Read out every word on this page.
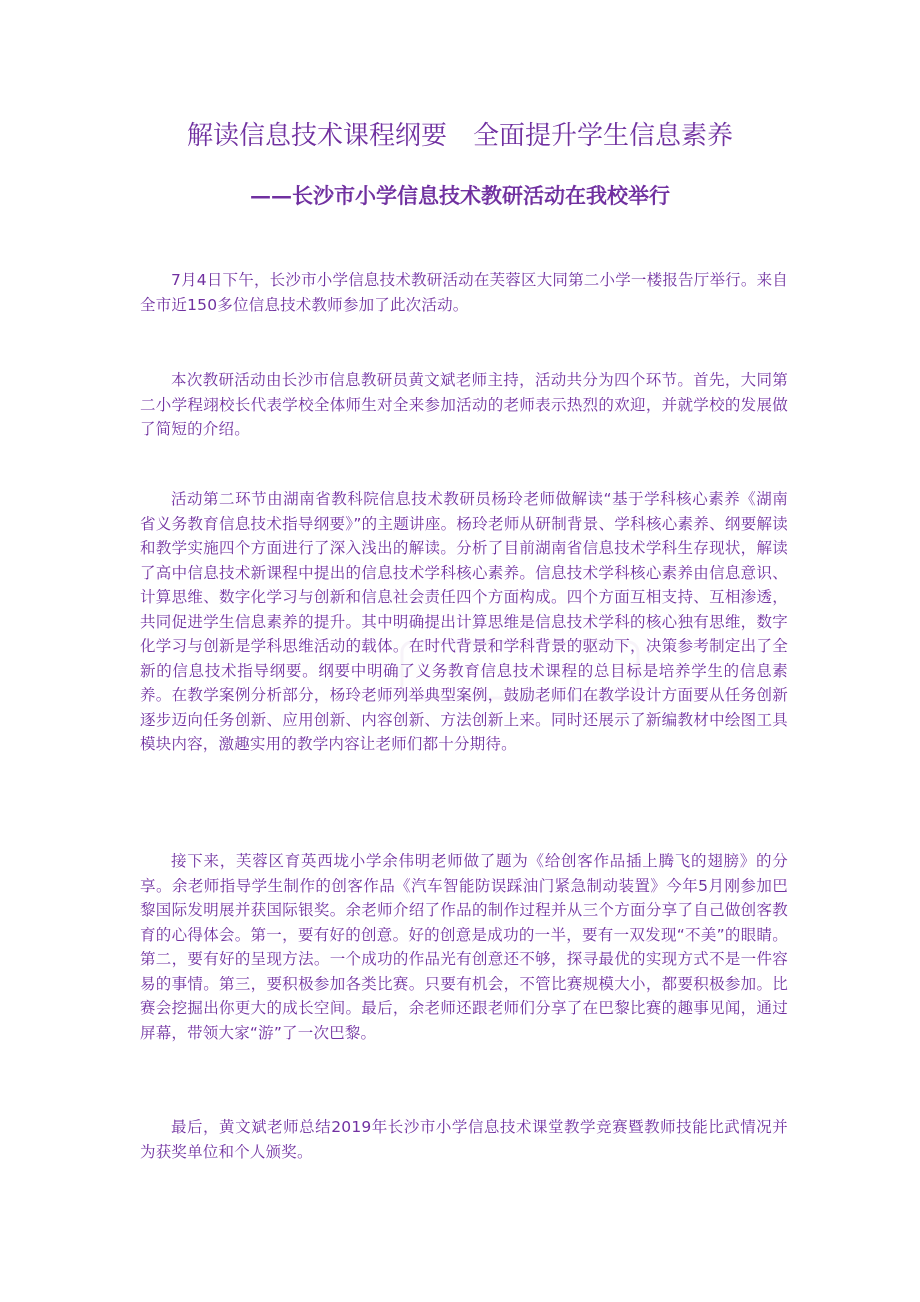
解读信息技术课程纲要　全面提升学生信息素养
——长沙市小学信息技术教研活动在我校举行

7月4日下午，长沙市小学信息技术教研活动在芙蓉区大同第二小学一楼报告厅举行。来自全市近150多位信息技术教师参加了此次活动。

本次教研活动由长沙市信息教研员黄文斌老师主持，活动共分为四个环节。首先，大同第二小学程翊校长代表学校全体师生对全来参加活动的老师表示热烈的欢迎，并就学校的发展做了简短的介绍。

活动第二环节由湖南省教科院信息技术教研员杨玲老师做解读“基于学科核心素养《湖南省义务教育信息技术指导纲要》”的主题讲座。杨玲老师从研制背景、学科核心素养、纲要解读和教学实施四个方面进行了深入浅出的解读。分析了目前湖南省信息技术学科生存现状，解读了高中信息技术新课程中提出的信息技术学科核心素养。信息技术学科核心素养由信息意识、计算思维、数字化学习与创新和信息社会责任四个方面构成。四个方面互相支持、互相渗透，共同促进学生信息素养的提升。其中明确提出计算思维是信息技术学科的核心独有思维，数字化学习与创新是学科思维活动的载体。在时代背景和学科背景的驱动下，决策参考制定出了全新的信息技术指导纲要。纲要中明确了义务教育信息技术课程的总目标是培养学生的信息素养。在教学案例分析部分，杨玲老师列举典型案例，鼓励老师们在教学设计方面要从任务创新逐步迈向任务创新、应用创新、内容创新、方法创新上来。同时还展示了新编教材中绘图工具模块内容，激趣实用的教学内容让老师们都十分期待。

接下来，芙蓉区育英西垅小学余伟明老师做了题为《给创客作品插上腾飞的翅膀》的分享。余老师指导学生制作的创客作品《汽车智能防误踩油门紧急制动装置》今年5月刚参加巴黎国际发明展并获国际银奖。余老师介绍了作品的制作过程并从三个方面分享了自己做创客教育的心得体会。第一，要有好的创意。好的创意是成功的一半，要有一双发现“不美”的眼睛。第二，要有好的呈现方法。一个成功的作品光有创意还不够，探寻最优的实现方式不是一件容易的事情。第三，要积极参加各类比赛。只要有机会，不管比赛规模大小，都要积极参加。比赛会挖掘出你更大的成长空间。最后，余老师还跟老师们分享了在巴黎比赛的趣事见闻，通过屏幕，带领大家“游”了一次巴黎。

最后，黄文斌老师总结2019年长沙市小学信息技术课堂教学竞赛暨教师技能比武情况并为获奖单位和个人颁奖。
